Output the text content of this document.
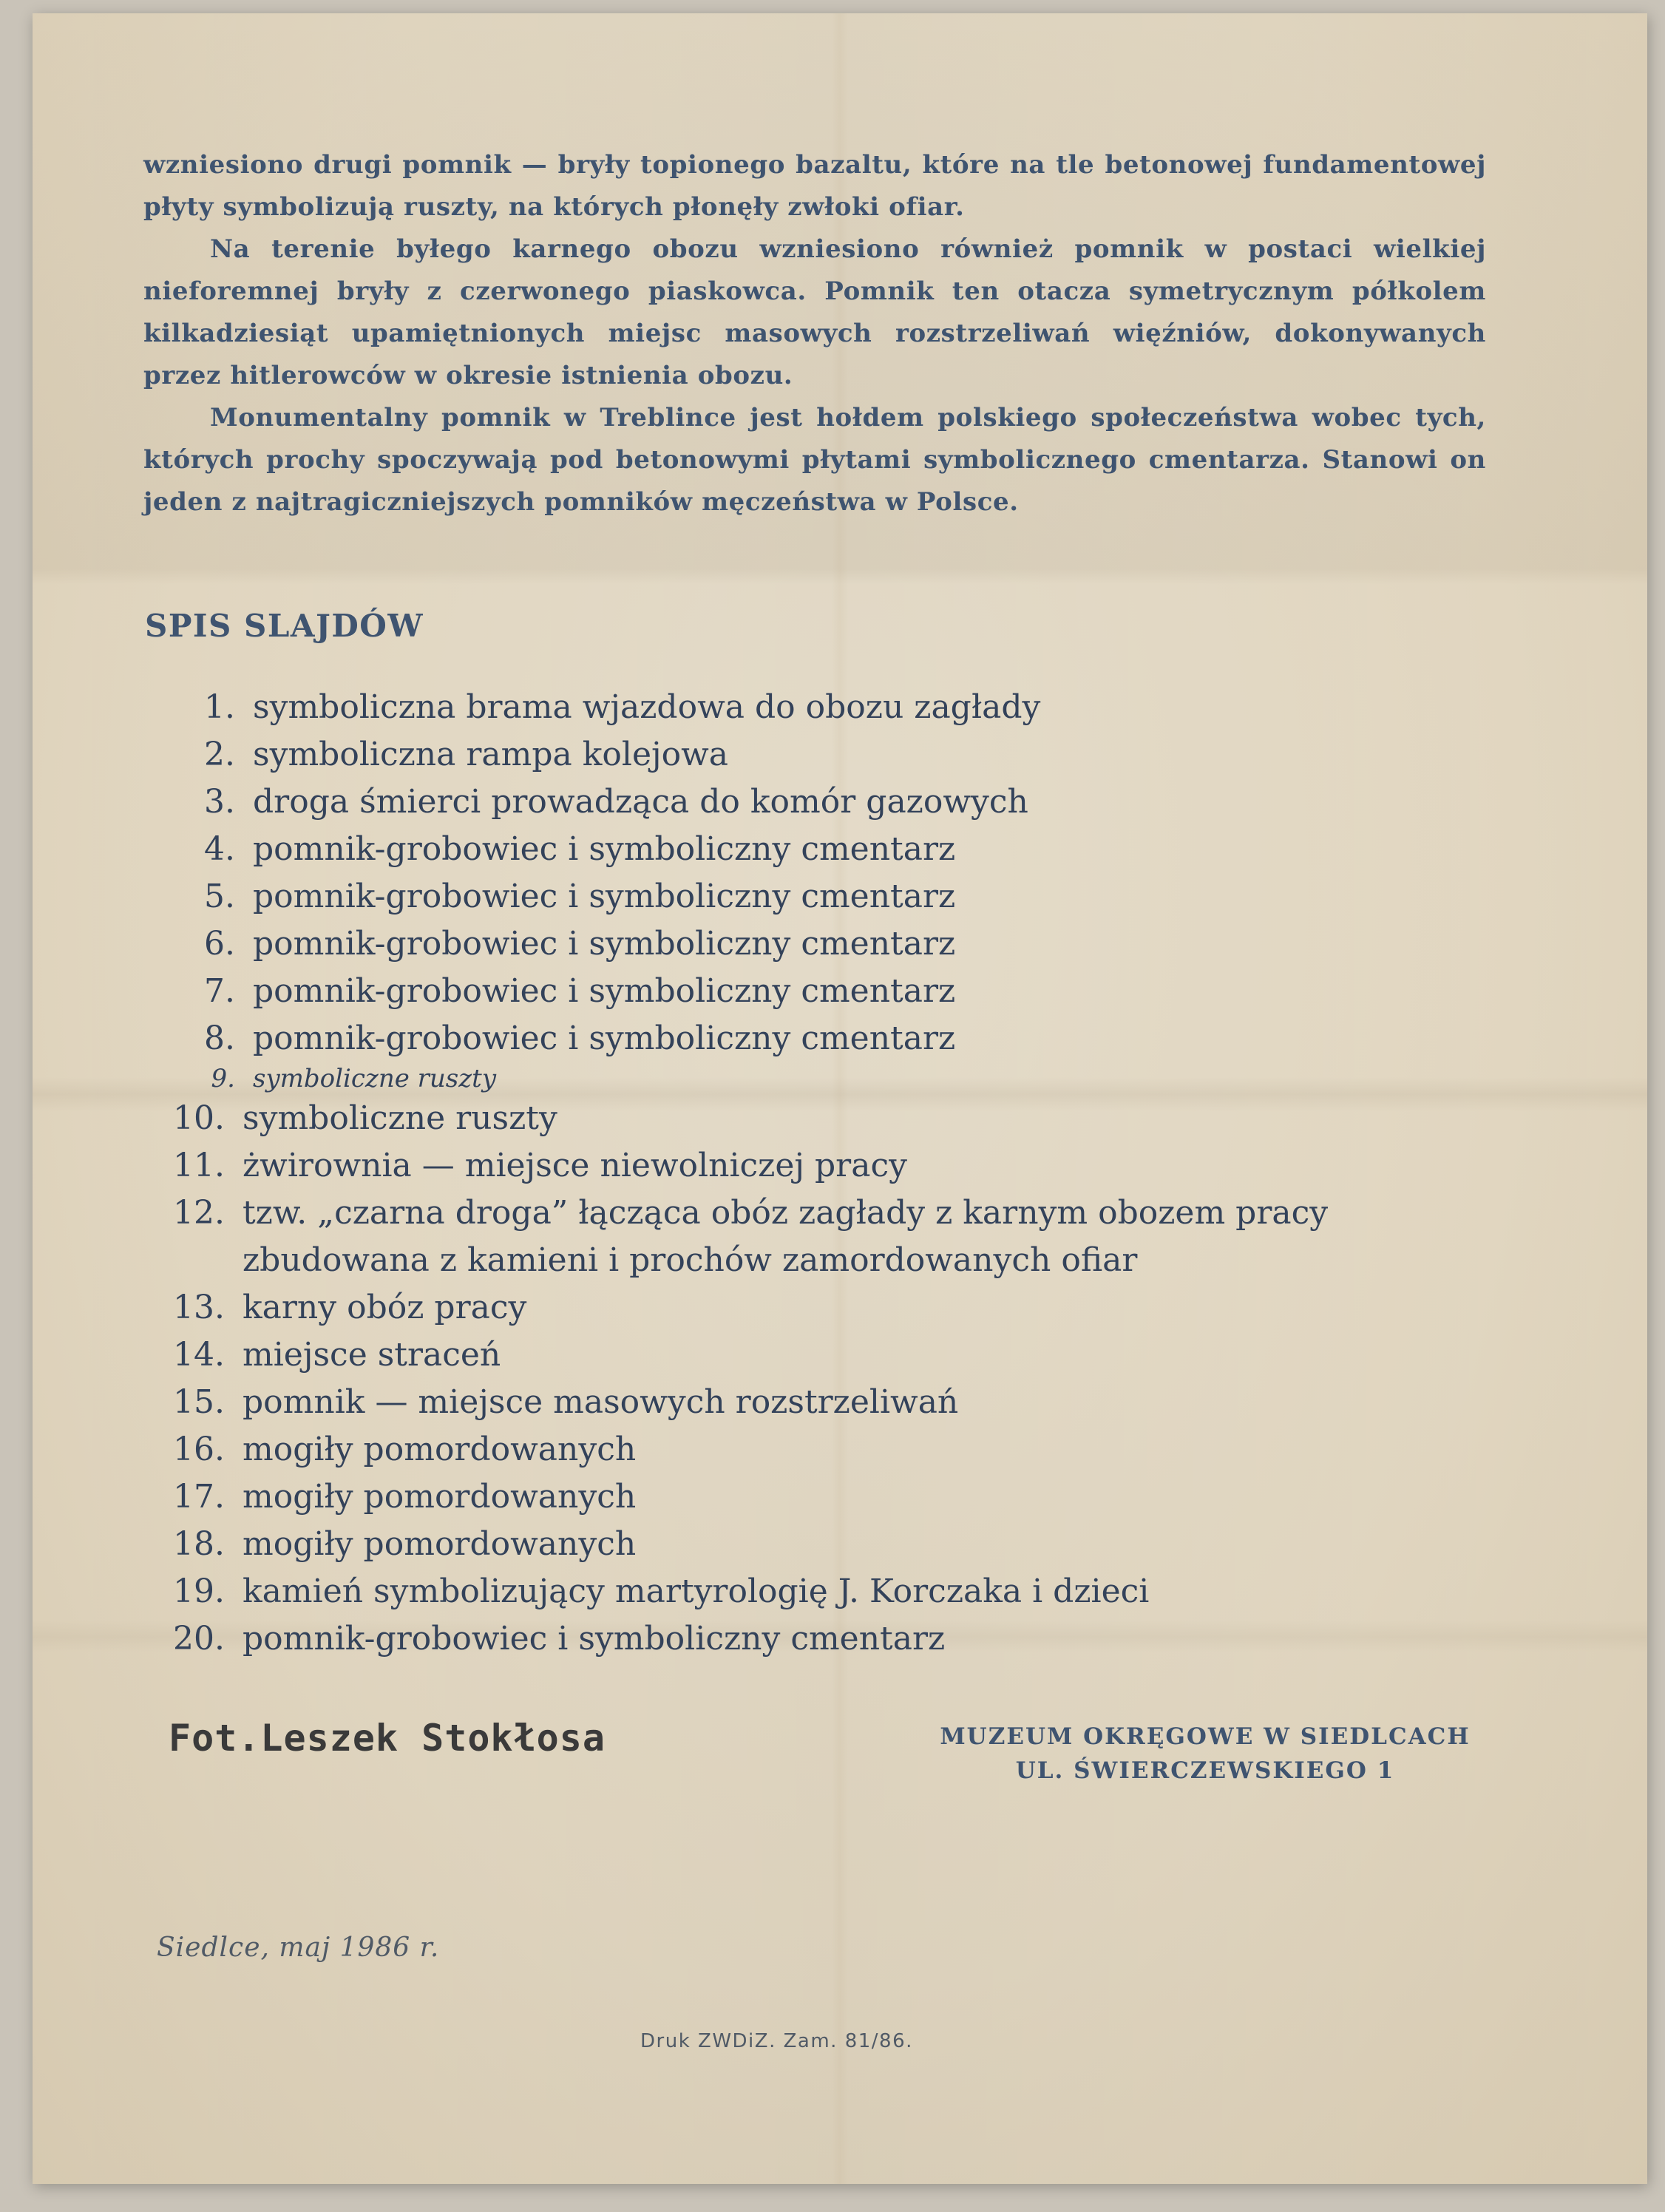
wzniesiono drugi pomnik — bryły topionego bazaltu, które na tle betonowej fundamentowej płyty symbolizują ruszty, na których płonęły zwłoki ofiar.

Na terenie byłego karnego obozu wzniesiono również pomnik w postaci wielkiej nieforemnej bryły z czerwonego piaskowca. Pomnik ten otacza symetrycznym półkolem kilkadziesiąt upamiętnionych miejsc masowych rozstrzeliwań więźniów, dokonywanych przez hitlerowców w okresie istnienia obozu.

Monumentalny pomnik w Treblince jest hołdem polskiego społeczeństwa wobec tych, których prochy spoczywają pod betonowymi płytami symbolicznego cmentarza. Stanowi on jeden z najtragiczniejszych pomników męczeństwa w Polsce.

SPIS SLAJDÓW
1. symboliczna brama wjazdowa do obozu zagłady
2. symboliczna rampa kolejowa
3. droga śmierci prowadząca do komór gazowych
4. pomnik-grobowiec i symboliczny cmentarz
5. pomnik-grobowiec i symboliczny cmentarz
6. pomnik-grobowiec i symboliczny cmentarz
7. pomnik-grobowiec i symboliczny cmentarz
8. pomnik-grobowiec i symboliczny cmentarz
9. symboliczne ruszty
10. symboliczne ruszty
11. żwirownia — miejsce niewolniczej pracy
12. tzw. „czarna droga” łącząca obóz zagłady z karnym obozem pracy zbudowana z kamieni i prochów zamordowanych ofiar
13. karny obóz pracy
14. miejsce straceń
15. pomnik — miejsce masowych rozstrzeliwań
16. mogiły pomordowanych
17. mogiły pomordowanych
18. mogiły pomordowanych
19. kamień symbolizujący martyrologię J. Korczaka i dzieci
20. pomnik-grobowiec i symboliczny cmentarz
Fot.Leszek Stokłosa	MUZEUM OKRĘGOWE W SIEDLCACH
UL. ŚWIERCZEWSKIEGO 1
Siedlce, maj 1986 r.
Druk ZWDiZ. Zam. 81/86.
